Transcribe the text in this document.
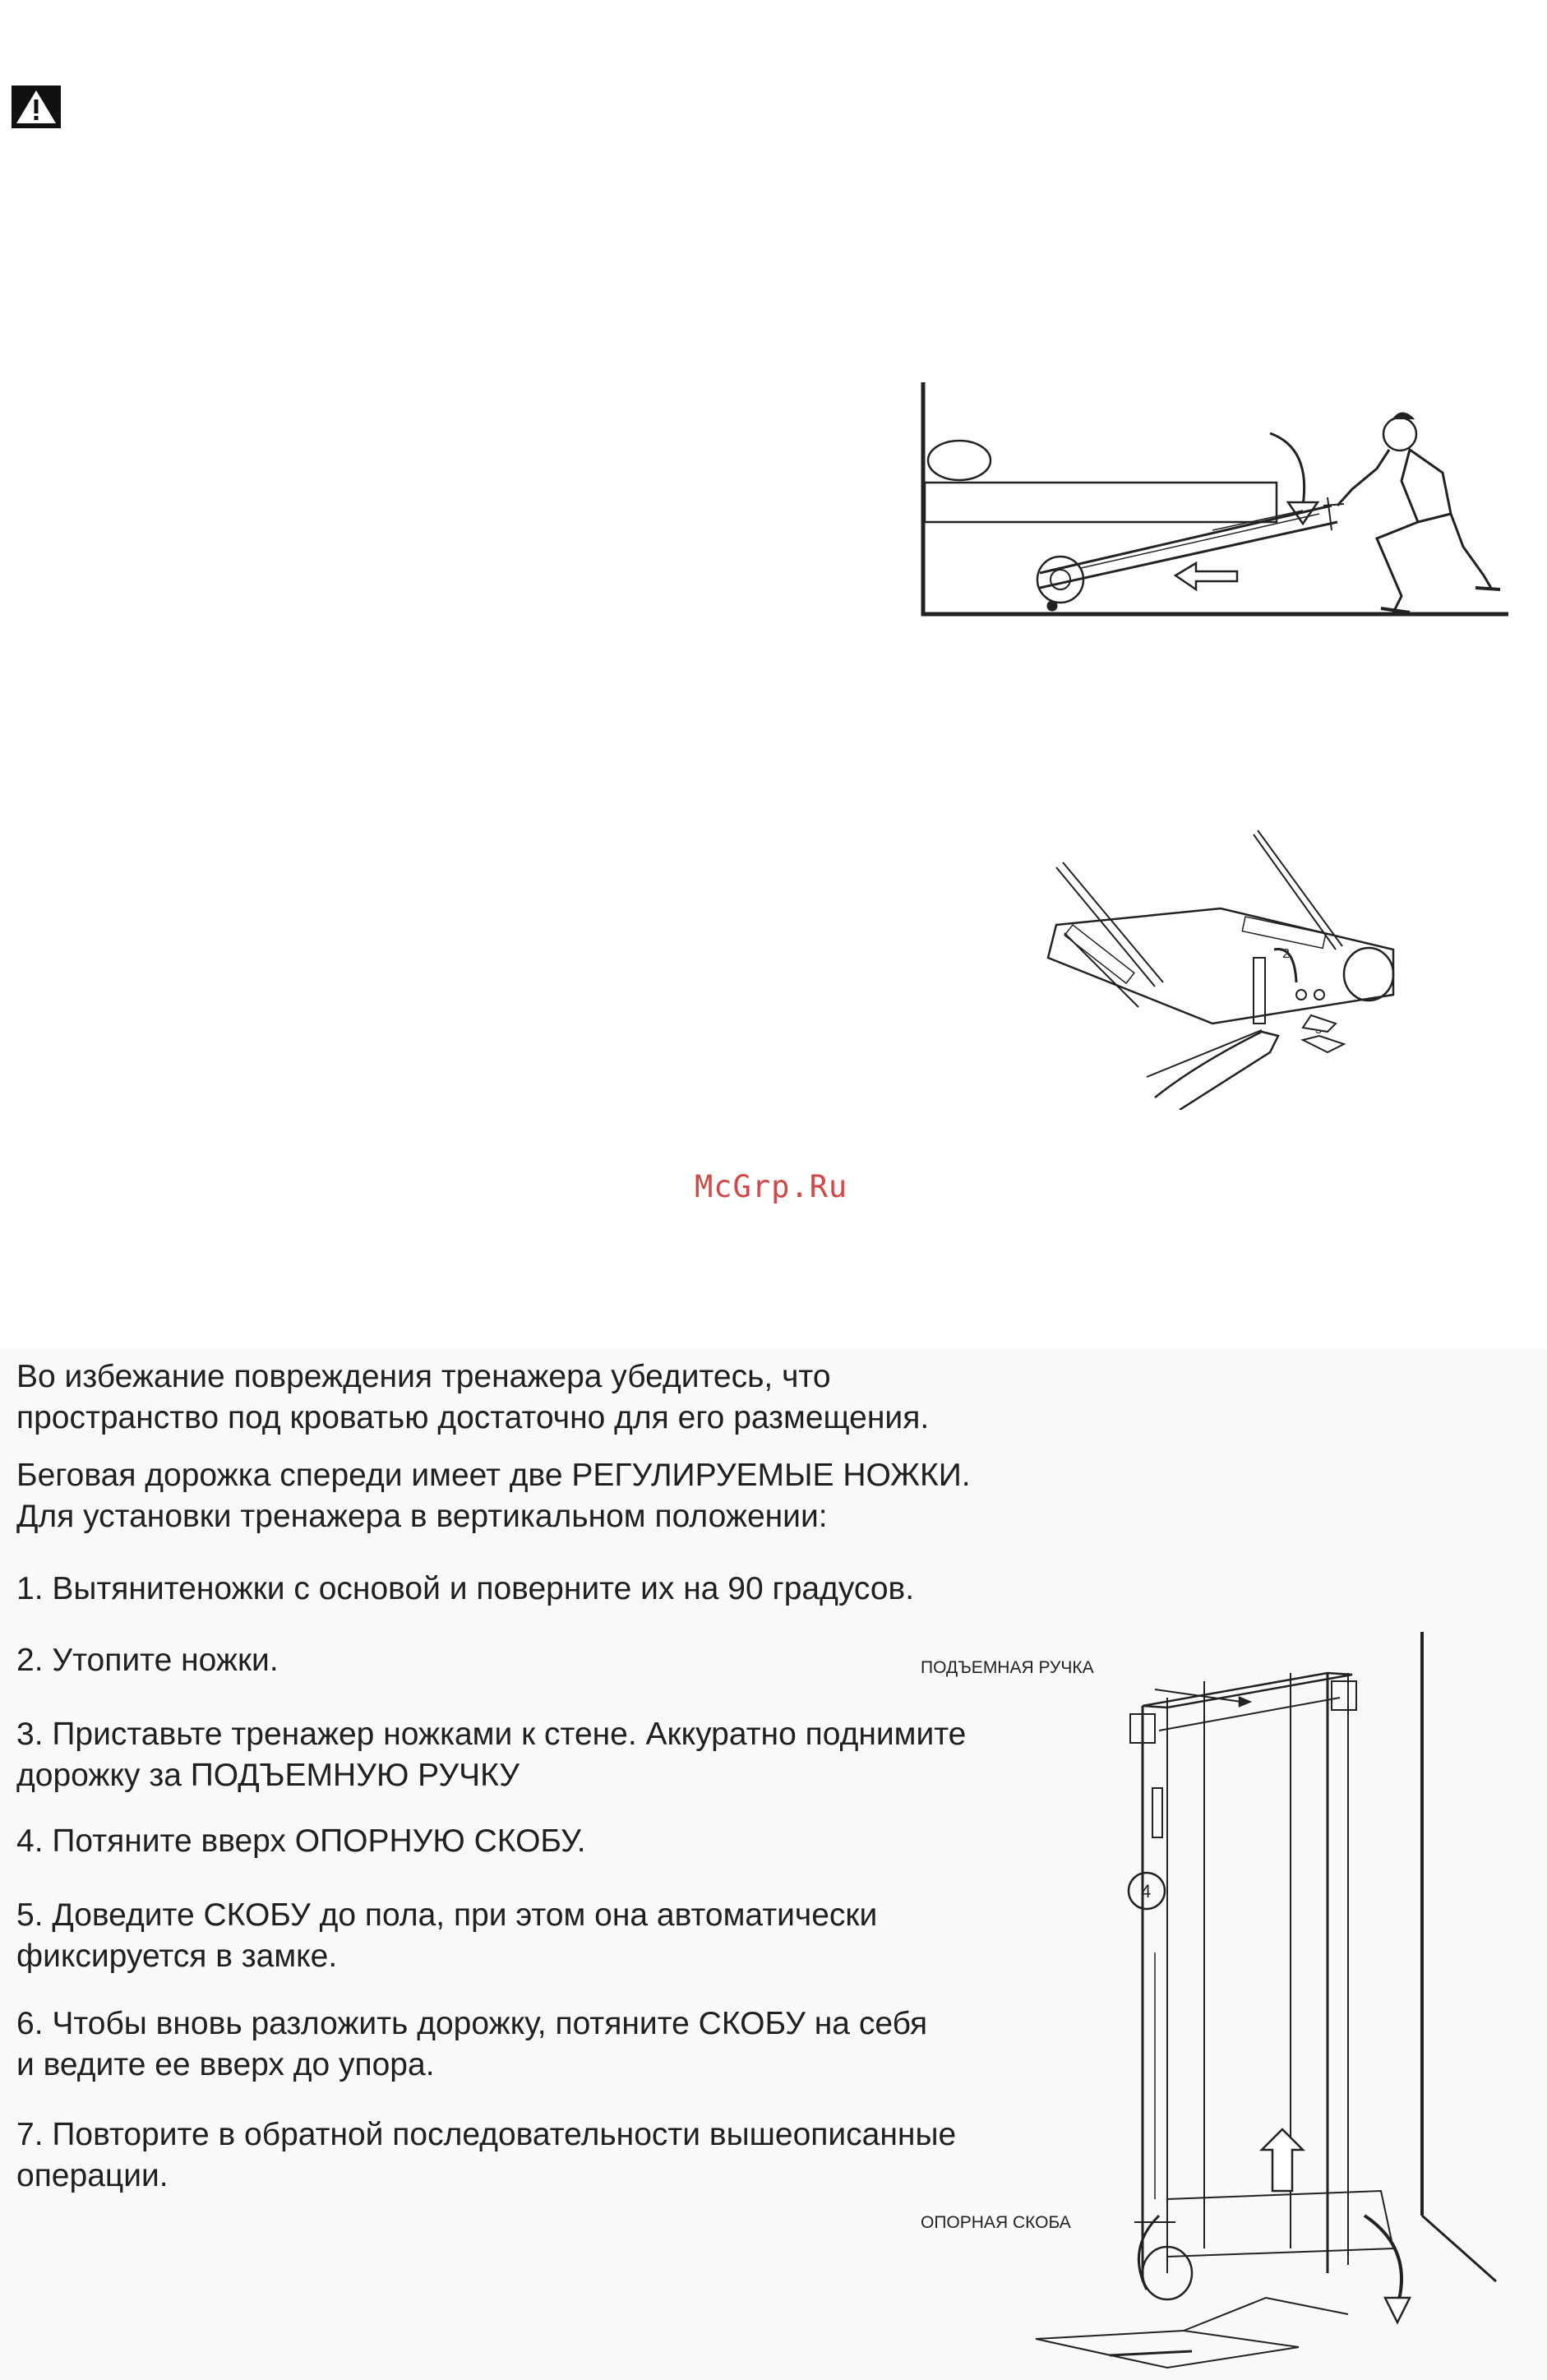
2
McGrp.Ru
Во избежание повреждения тренажера убедитесь, что
пространство под кроватью достаточно для его размещения.
Беговая дорожка спереди имеет две РЕГУЛИРУЕМЫЕ НОЖКИ.
Для установки тренажера в вертикальном положении:
1. Вытянитеножки с основой и поверните их на 90 градусов.
2. Утопите ножки.
3. Приставьте тренажер ножками к стене. Аккуратно поднимите
дорожку за ПОДЪЕМНУЮ РУЧКУ
4. Потяните вверх ОПОРНУЮ СКОБУ.
5. Доведите СКОБУ до пола, при этом она автоматически
фиксируется в замке.
6. Чтобы вновь разложить дорожку, потяните СКОБУ на себя
и ведите ее вверх до упора.
7. Повторите в обратной последовательности вышеописанные
операции.
ПОДЪЕМНАЯ РУЧКА
4
ОПОРНАЯ СКОБА
